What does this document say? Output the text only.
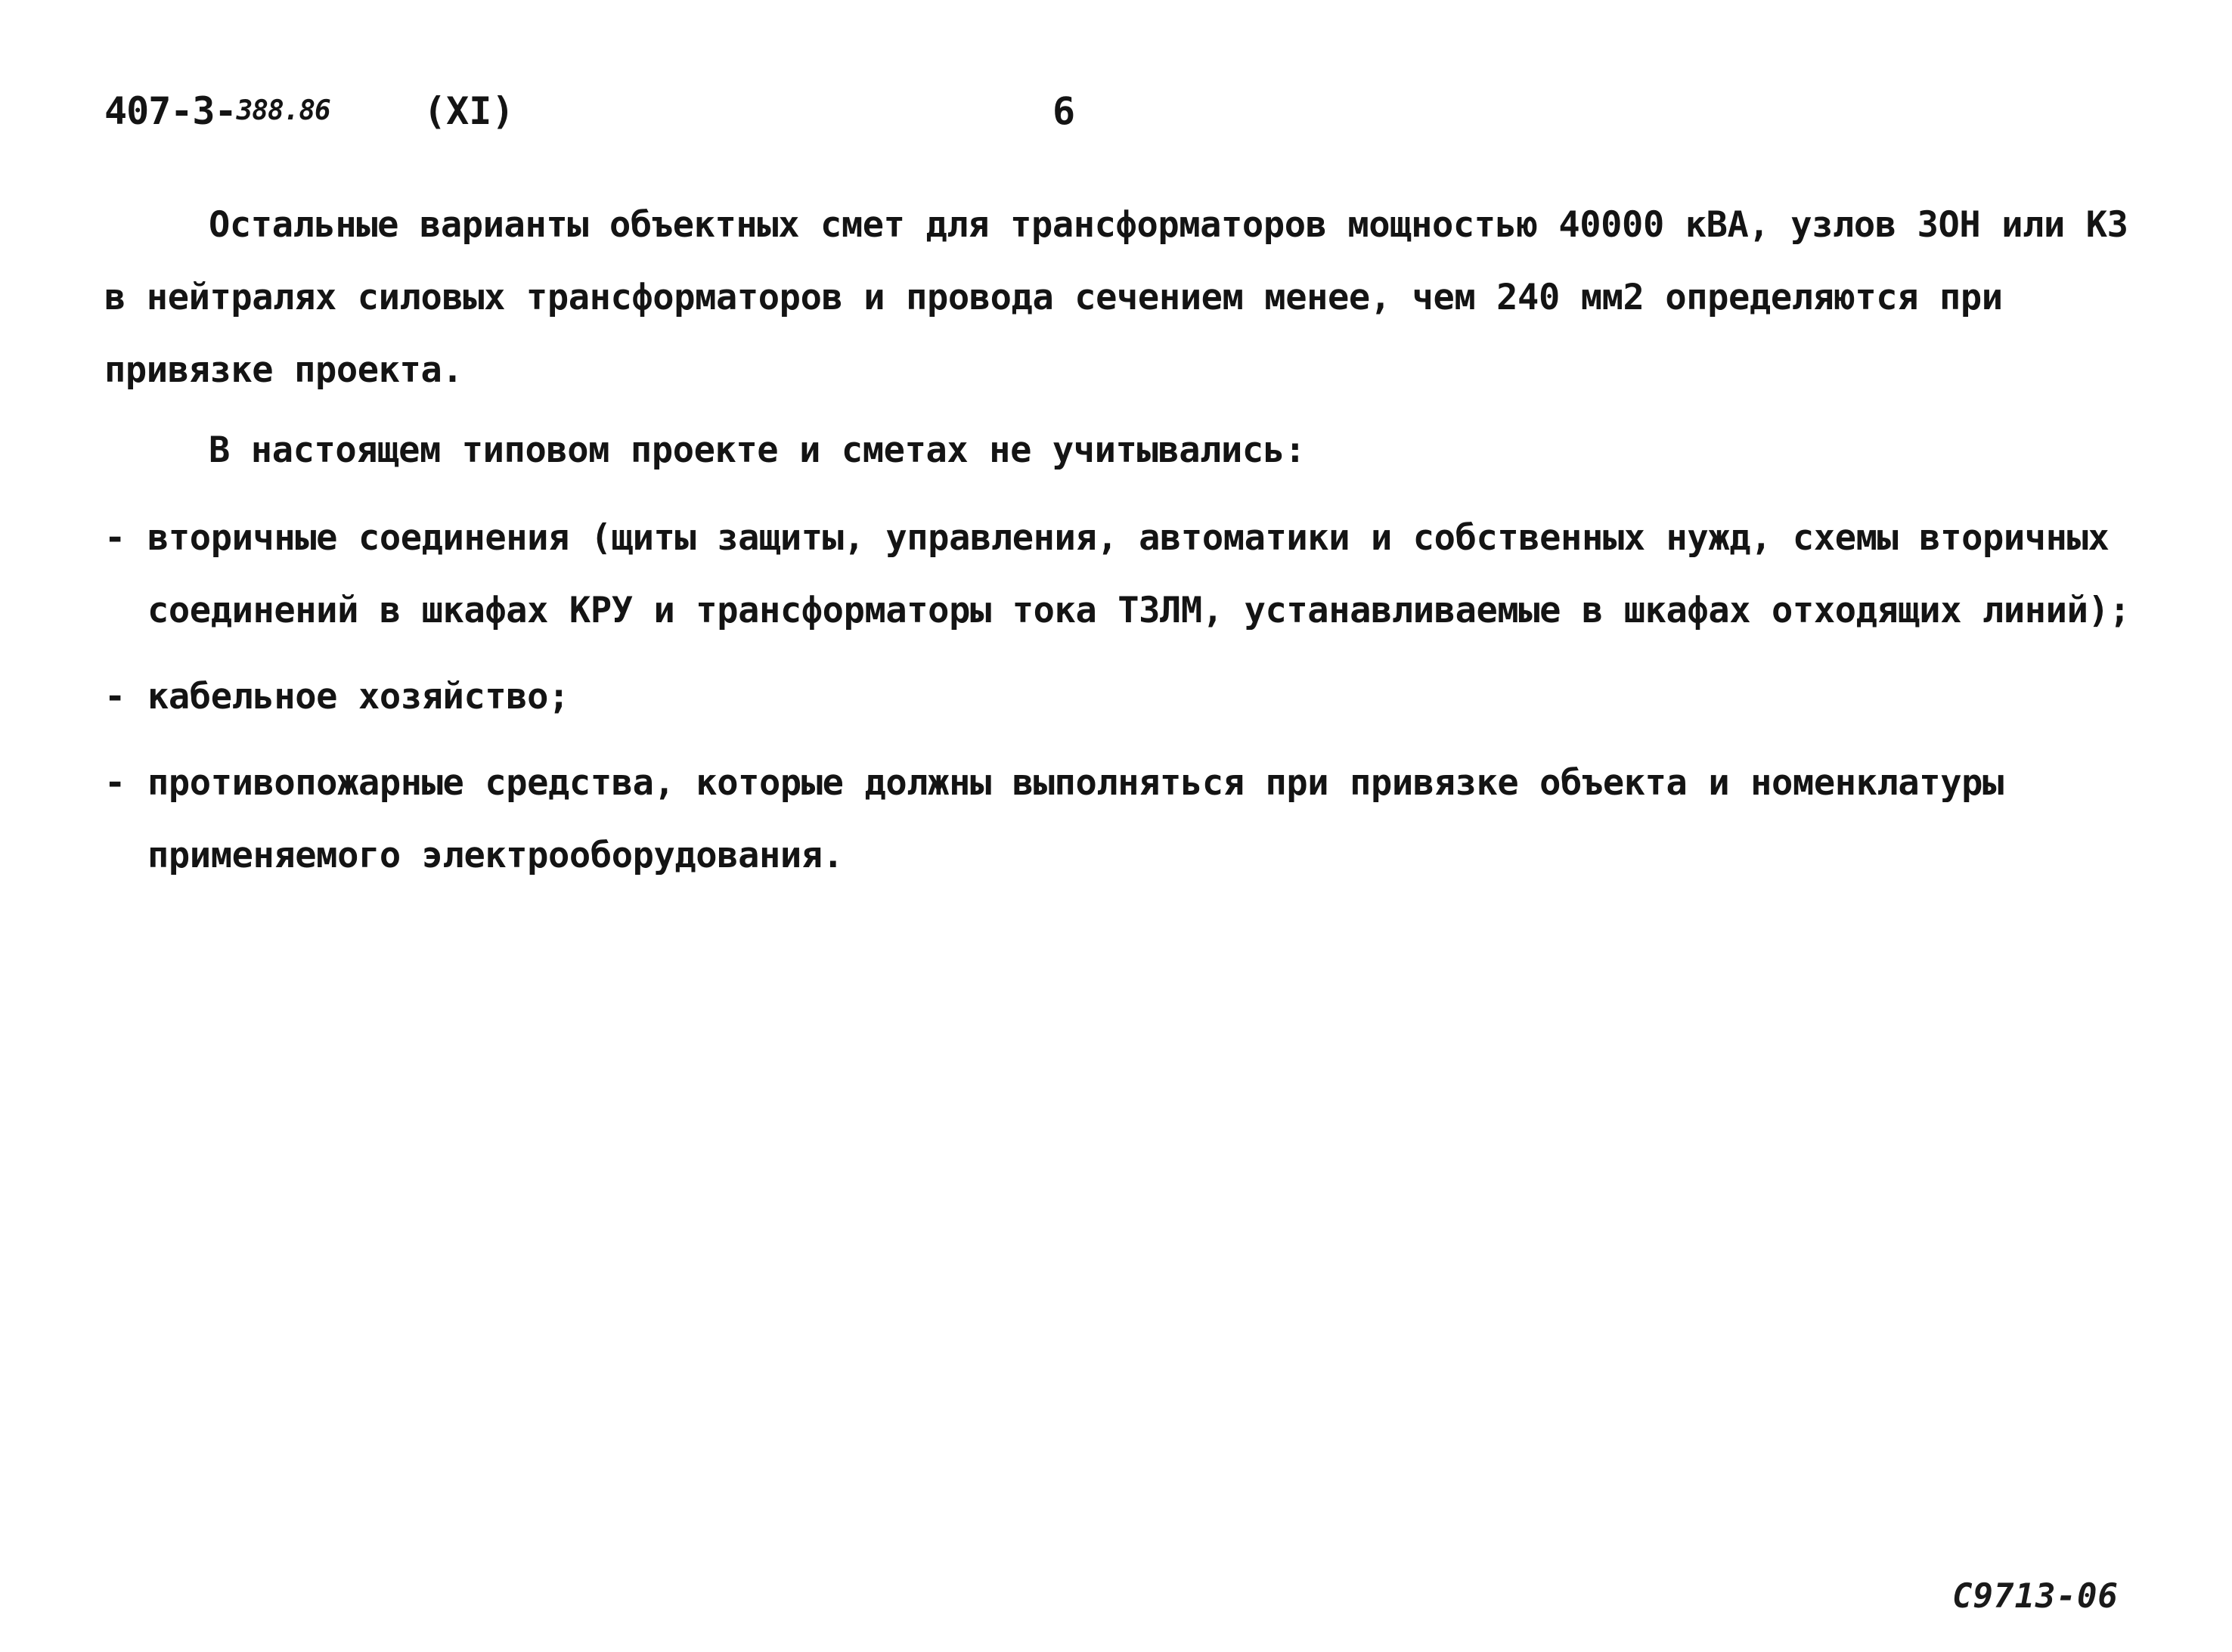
407-3-388.86 (XI)	6
Остальные варианты объектных смет для трансформаторов мощностью 40000 кВА, узлов ЗОН или КЗ в нейтралях силовых трансформаторов и провода сечением менее, чем 240 мм2 определяются при привязке проекта.
В настоящем типовом проекте и сметах не учитывались:
- вторичные соединения (щиты защиты, управления, автоматики и собственных нужд, схемы вторичных соединений в шкафах КРУ и трансформаторы тока ТЗЛМ, устанавливаемые в шкафах отходящих линий);
- кабельное хозяйство;
- противопожарные средства, которые должны выполняться при привязке объекта и номенклатуры применяемого электрооборудования.
С9713-06
